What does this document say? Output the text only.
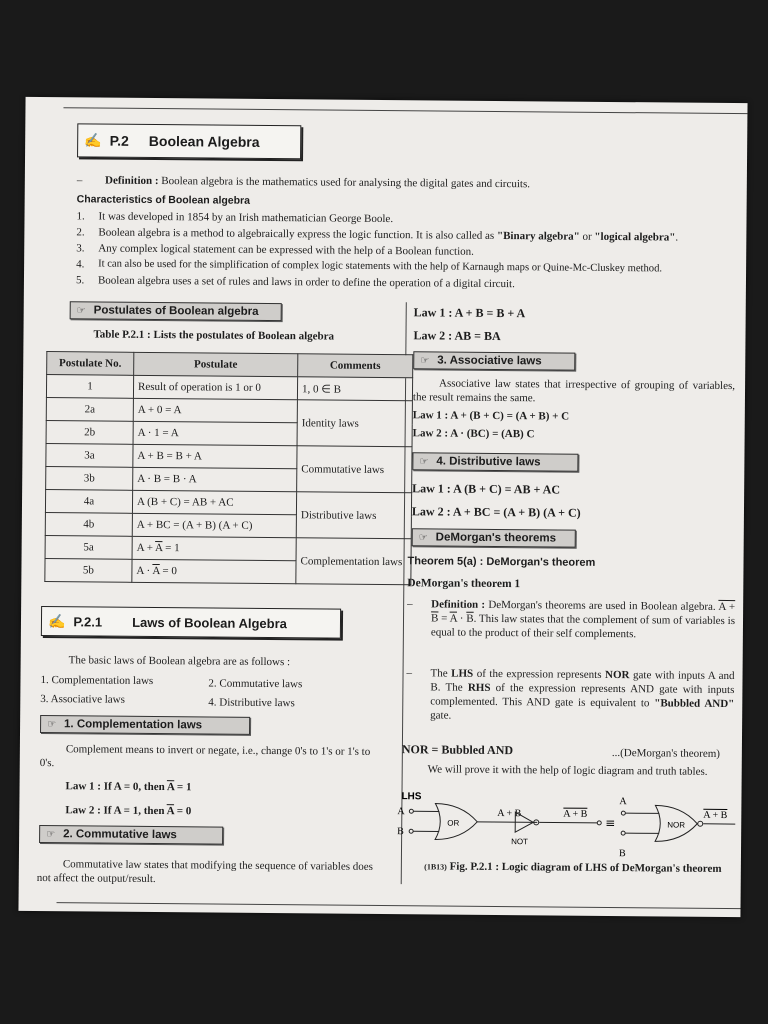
✍ P.2 Boolean Algebra
– Definition : Boolean algebra is the mathematics used for analysing the digital gates and circuits.
Characteristics of Boolean algebra
1. It was developed in 1854 by an Irish mathematician George Boole.
2. Boolean algebra is a method to algebraically express the logic function. It is also called as "Binary algebra" or "logical algebra".
3. Any complex logical statement can be expressed with the help of a Boolean function.
4. It can also be used for the simplification of complex logic statements with the help of Karnaugh maps or Quine-Mc-Cluskey method.
5. Boolean algebra uses a set of rules and laws in order to define the operation of a digital circuit.
☞ Postulates of Boolean algebra
Table P.2.1 : Lists the postulates of Boolean algebra
Postulate No.	Postulate	Comments
1	Result of operation is 1 or 0	1, 0 ∈ B
2a	A + 0 = A	Identity laws
2b	A · 1 = A	
3a	A + B = B + A	Commutative laws
3b	A · B = B · A	
4a	A (B + C) = AB + AC	Distributive laws
4b	A + BC = (A + B) (A + C)	
5a	$A + \overline{A} = 1$	Complementation laws
5b	$A \cdot \overline{A} = 0$	
✍ P.2.1 Laws of Boolean Algebra
The basic laws of Boolean algebra are as follows :
1. Complementation laws	2. Commutative laws
3. Associative laws	4. Distributive laws
☞ 1. Complementation laws
Complement means to invert or negate, i.e., change 0's to 1's or 1's to 0's.
Law 1 : If A = 0, then $\overline{A} = 1$
Law 2 : If A = 1, then $\overline{A} = 0$
☞ 2. Commutative laws
Commutative law states that modifying the sequence of variables does not affect the output/result.
Law 1 : A + B = B + A
Law 2 : AB = BA
☞ 3. Associative laws
Associative law states that irrespective of grouping of variables, the result remains the same.
Law 1 : A + (B + C) = (A + B) + C
Law 2 : A · (BC) = (AB) C
☞ 4. Distributive laws
Law 1 : A (B + C) = AB + AC
Law 2 : A + BC = (A + B) (A + C)
☞ DeMorgan's theorems
Theorem 5(a) : DeMorgan's theorem
DeMorgan's theorem 1
– Definition : DeMorgan's theorems are used in Boolean algebra. $A + B = \overline{A} \cdot \overline{B}$. This law states that the complement of sum of variables is equal to the product of their self complements.
– The LHS of the expression represents NOR gate with inputs A and B. The RHS of the expression represents AND gate with inputs complemented. This AND gate is equivalent to "Bubbled AND" gate.
NOR = Bubbled AND	...(DeMorgan's theorem)
We will prove it with the help of logic diagram and truth tables.
LHS
A
B
OR
A + B
NOT
A + B
≡
A
B
NOR
A + B
(1B13) Fig. P.2.1 : Logic diagram of LHS of DeMorgan's theorem
